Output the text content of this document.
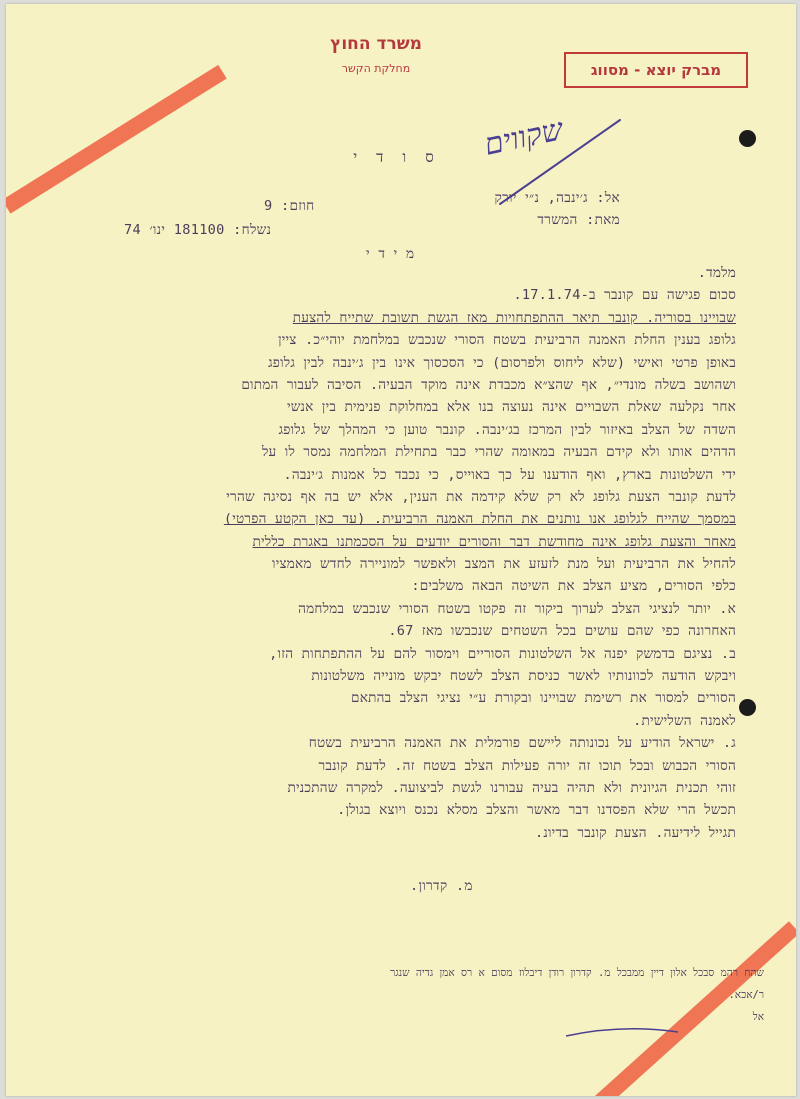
משרד החוץ
מחלקת הקשר	מברק יוצא - מסווג
שקווים
ס ו ד י
אל: ג׳ינבה, נ״י יורק
מאת: המשרד
חוזם: 9
נשלח: 181100 ינו׳ 74
מ י ד י
מלמד.
סכום פגישה עם קונבר ב-17.1.74.
שבויינו בסוריה. קונבר תיאר ההתפתחויות מאז הגשת תשובת שתייח להצעת
גלופג בענין החלת האמנה הרביעית בשטח הסורי שנכבש במלחמת יוהי״כ. ציין
באופן פרטי ואישי (שלא ליחוס ולפרסום) כי הסכסוך אינו בין ג׳ינבה לבין גלופג
ושהושב בשלה מונדי״, אף שהצ״א מכבדת אינה מוקד הבעיה. הסיבה לעבור המתום
אחר נקלעה שאלת השבויים אינה נעוצה בנו אלא במחלוקת פנימית בין אנשי
השדה של הצלב באיזור לבין המרכז בג׳ינבה. קונבר טוען כי המהלך של גלופג
הדהים אותו ולא קידם הבעיה במאומה שהרי כבר בתחילת המלחמה נמסר לו על
ידי השלטונות בארץ, ואף הודענו על כך באוייס, כי נכבד כל אמנות ג׳ינבה.
לדעת קונבר הצעת גלופג לא רק שלא קידמה את הענין, אלא יש בה אף נסיגה שהרי
במסמך שהייח לגלופג אנו נותנים את החלת האמנה הרביעית. (עד כאן הקטע הפרטי)
מאחר והצעת גלופג אינה מחודשת דבר והסורים יודעים על הסכמתנו באגרת כללית
להחיל את הרביעית ועל מנת לזעזע את המצב ולאפשר למוניירה לחדש מאמציו
כלפי הסורים, מציע הצלב את השיטה הבאה משלבים:
א. יותר לנציגי הצלב לערוך ביקור זה פקטו בשטח הסורי שנכבש במלחמה
האחרונה כפי שהם עושים בכל השטחים שנכבשו מאז 67.
ב. נציגם בדמשק יפנה אל השלטונות הסוריים וימסור להם על ההתפתחות הזו,
ויבקש הודעה לכוונותיו לאשר כניסת הצלב לשטח יבקש מונייה משלטונות
הסורים למסור את רשימת שבויינו ובקורת ע״י נציגי הצלב בהתאם
לאמנה השלישית.
ג. ישראל הודיע על נכונותה ליישם פורמלית את האמנה הרביעית בשטח
הסורי הכבוש ובכל תוכו זה יורה פעילות הצלב בשטח זה. לדעת קונבר
זוהי תכנית הגיונית ולא תהיה בעיה עבורנו לגשת לביצועה. למקרה שהתכנית
תכשל הרי שלא הפסדנו דבר מאשר והצלב מסלא נכנס ויוצא בגולן.
תגייל לידיעה. הצעת קונבר בדיונ.
מ. קדרון.
שהח רהמ סבכל אלון דיין ממבכל מ. קדרון רודן דיבלוז מסום א רס אמן גדיה שנגר
ר/אכא.
אל
